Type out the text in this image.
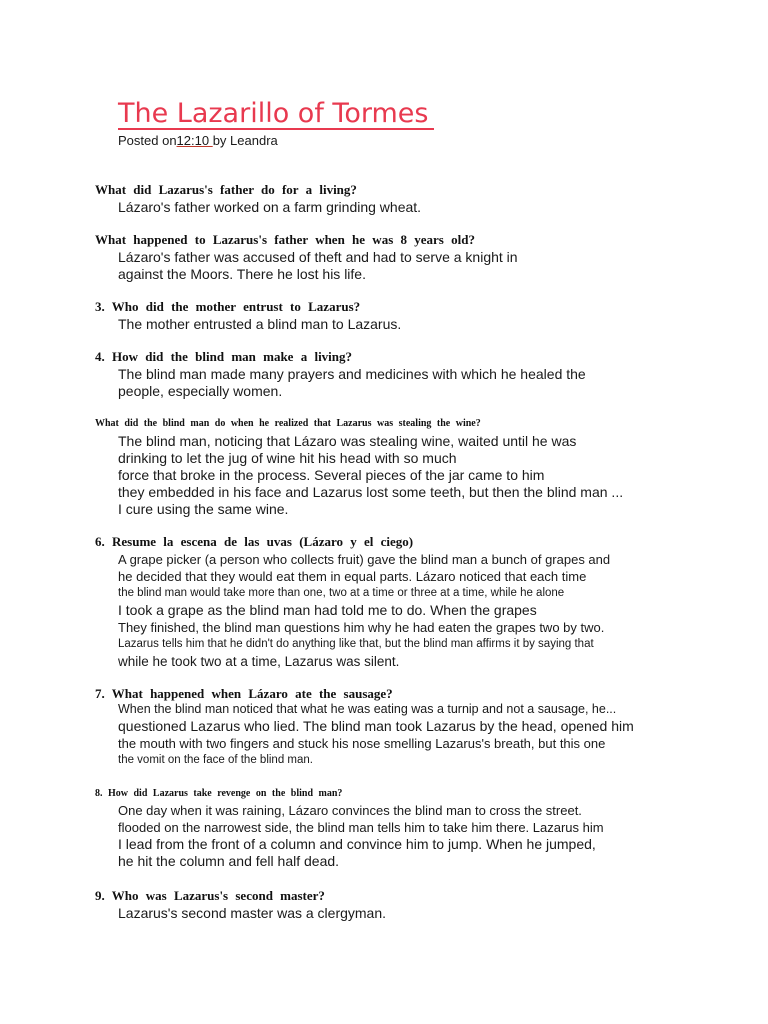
The Lazarillo of Tormes
Posted on12:10 by Leandra
What did Lazarus's father do for a living?
Lázaro's father worked on a farm grinding wheat.
What happened to Lazarus's father when he was 8 years old?
Lázaro's father was accused of theft and had to serve a knight in
against the Moors. There he lost his life.
3. Who did the mother entrust to Lazarus?
The mother entrusted a blind man to Lazarus.
4. How did the blind man make a living?
The blind man made many prayers and medicines with which he healed the
people, especially women.
What did the blind man do when he realized that Lazarus was stealing the wine?
The blind man, noticing that Lázaro was stealing wine, waited until he was
drinking to let the jug of wine hit his head with so much
force that broke in the process. Several pieces of the jar came to him
they embedded in his face and Lazarus lost some teeth, but then the blind man ...
I cure using the same wine.
6. Resume la escena de las uvas (Lázaro y el ciego)
A grape picker (a person who collects fruit) gave the blind man a bunch of grapes and
he decided that they would eat them in equal parts. Lázaro noticed that each time
the blind man would take more than one, two at a time or three at a time, while he alone
I took a grape as the blind man had told me to do. When the grapes
They finished, the blind man questions him why he had eaten the grapes two by two.
Lazarus tells him that he didn't do anything like that, but the blind man affirms it by saying that
while he took two at a time, Lazarus was silent.
7. What happened when Lázaro ate the sausage?
When the blind man noticed that what he was eating was a turnip and not a sausage, he...
questioned Lazarus who lied. The blind man took Lazarus by the head, opened him
the mouth with two fingers and stuck his nose smelling Lazarus's breath, but this one
the vomit on the face of the blind man.
8. How did Lazarus take revenge on the blind man?
One day when it was raining, Lázaro convinces the blind man to cross the street.
flooded on the narrowest side, the blind man tells him to take him there. Lazarus him
I lead from the front of a column and convince him to jump. When he jumped,
he hit the column and fell half dead.
9. Who was Lazarus's second master?
Lazarus's second master was a clergyman.
